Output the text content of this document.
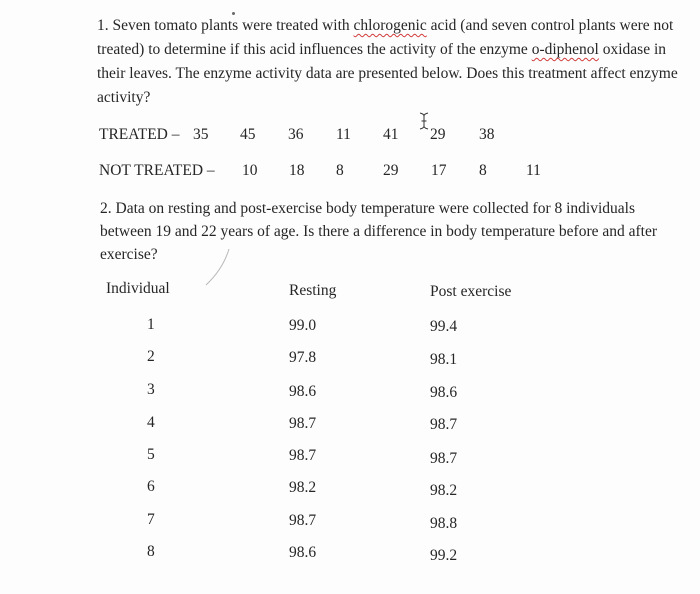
1. Seven tomato plants were treated with chlorogenic acid (and seven control plants were not treated) to determine if this acid influences the activity of the enzyme o-diphenol oxidase in their leaves. The enzyme activity data are presented below. Does this treatment affect enzyme activity?

TREATED – 35 45 36 11 41 29 38
NOT TREATED – 10 18 8	29 17 8	11

2. Data on resting and post-exercise body temperature were collected for 8 individuals between 19 and 22 years of age. Is there a difference in body temperature before and after exercise?

Individual	Resting	Post exercise
1	99.0	99.4
2	97.8	98.1
3	98.6	98.6
4	98.7	98.7
5	98.7	98.7
6	98.2	98.2
7	98.7	98.8
8	98.6	99.2
